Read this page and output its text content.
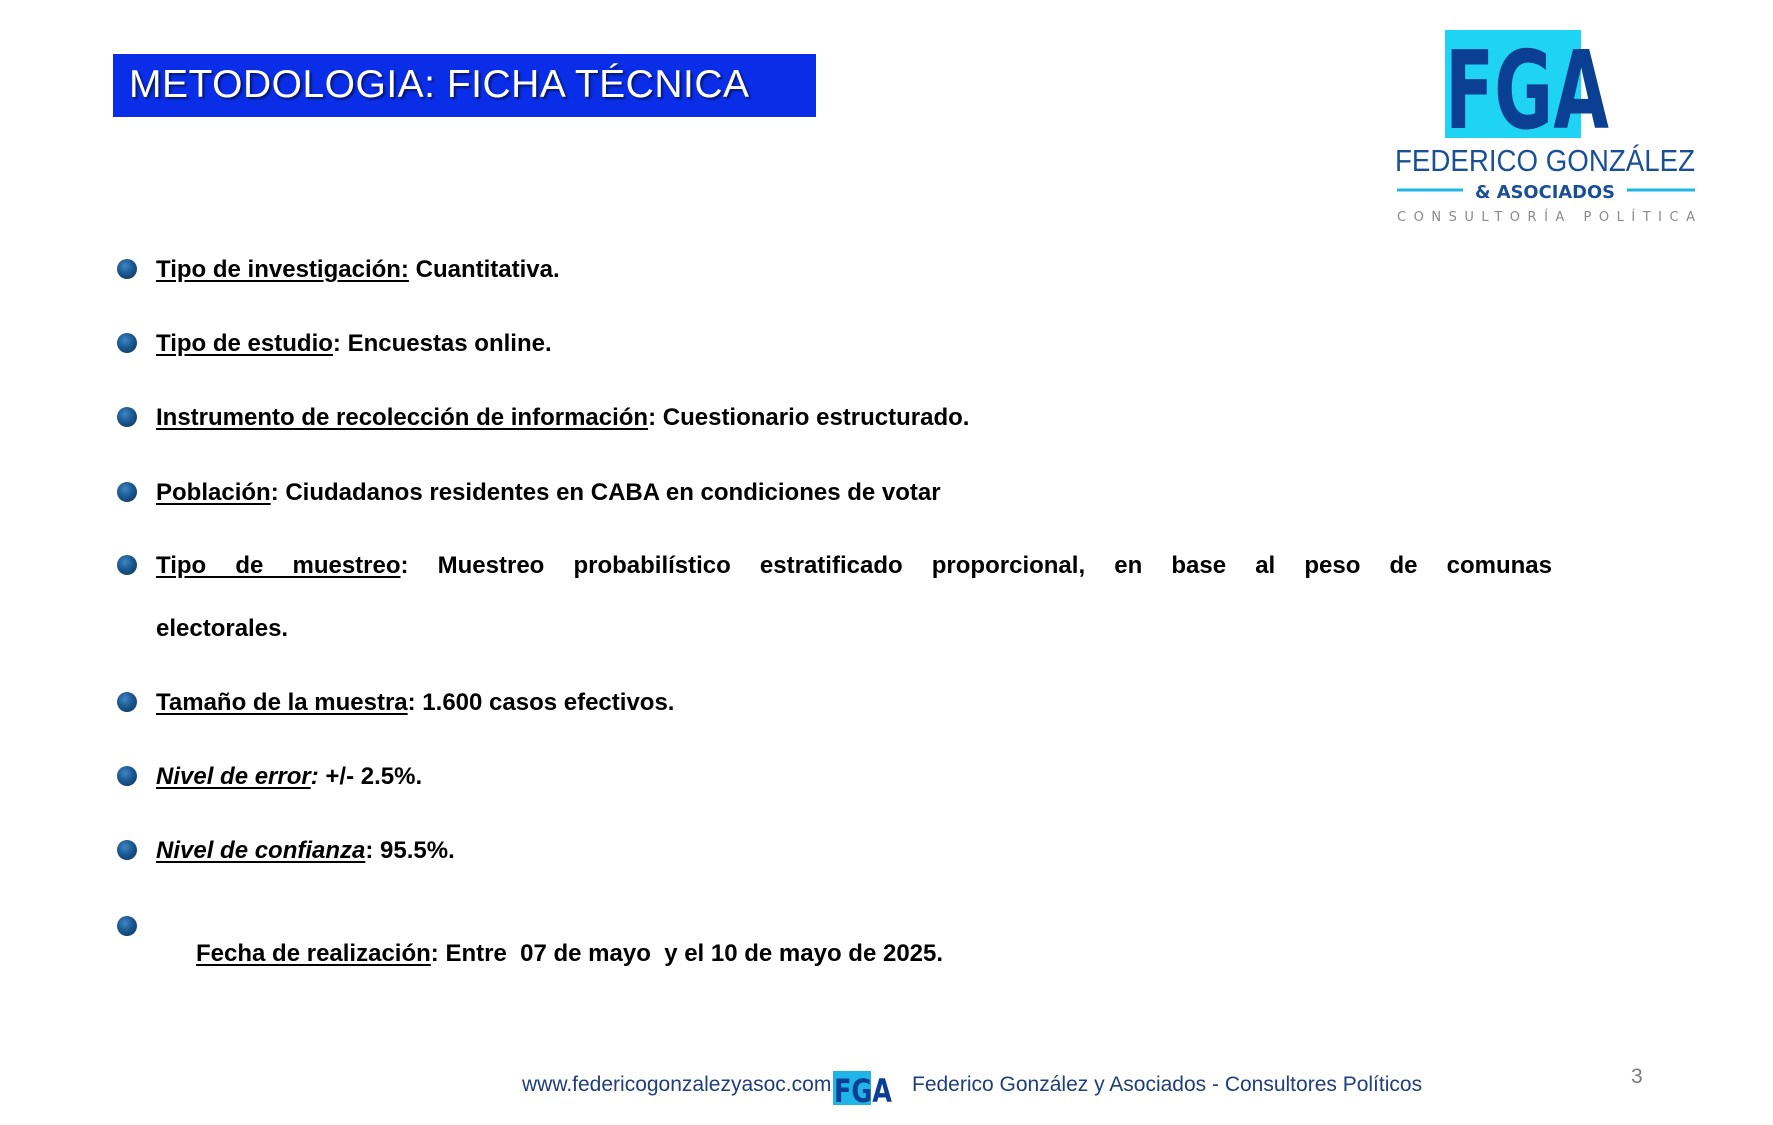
METODOLOGIA: FICHA TÉCNICA	FGA
FEDERICO GONZÁLEZ
& ASOCIADOS
CONSULTORÍA POLÍTICA
Tipo de investigación: Cuantitativa.
Tipo de estudio: Encuestas online.
Instrumento de recolección de información: Cuestionario estructurado.
Población: Ciudadanos residentes en CABA en condiciones de votar
Tipo de muestreo: Muestreo probabilístico estratificado proporcional, en base al peso de comunas
electorales.
Tamaño de la muestra: 1.600 casos efectivos.
Nivel de error: +/- 2.5%.
Nivel de confianza: 95.5%.

Fecha de realización: Entre  07 de mayo  y el 10 de mayo de 2025.

www.federicogonzalezyasoc.com FGA Federico González y Asociados - Consultores Políticos	3
